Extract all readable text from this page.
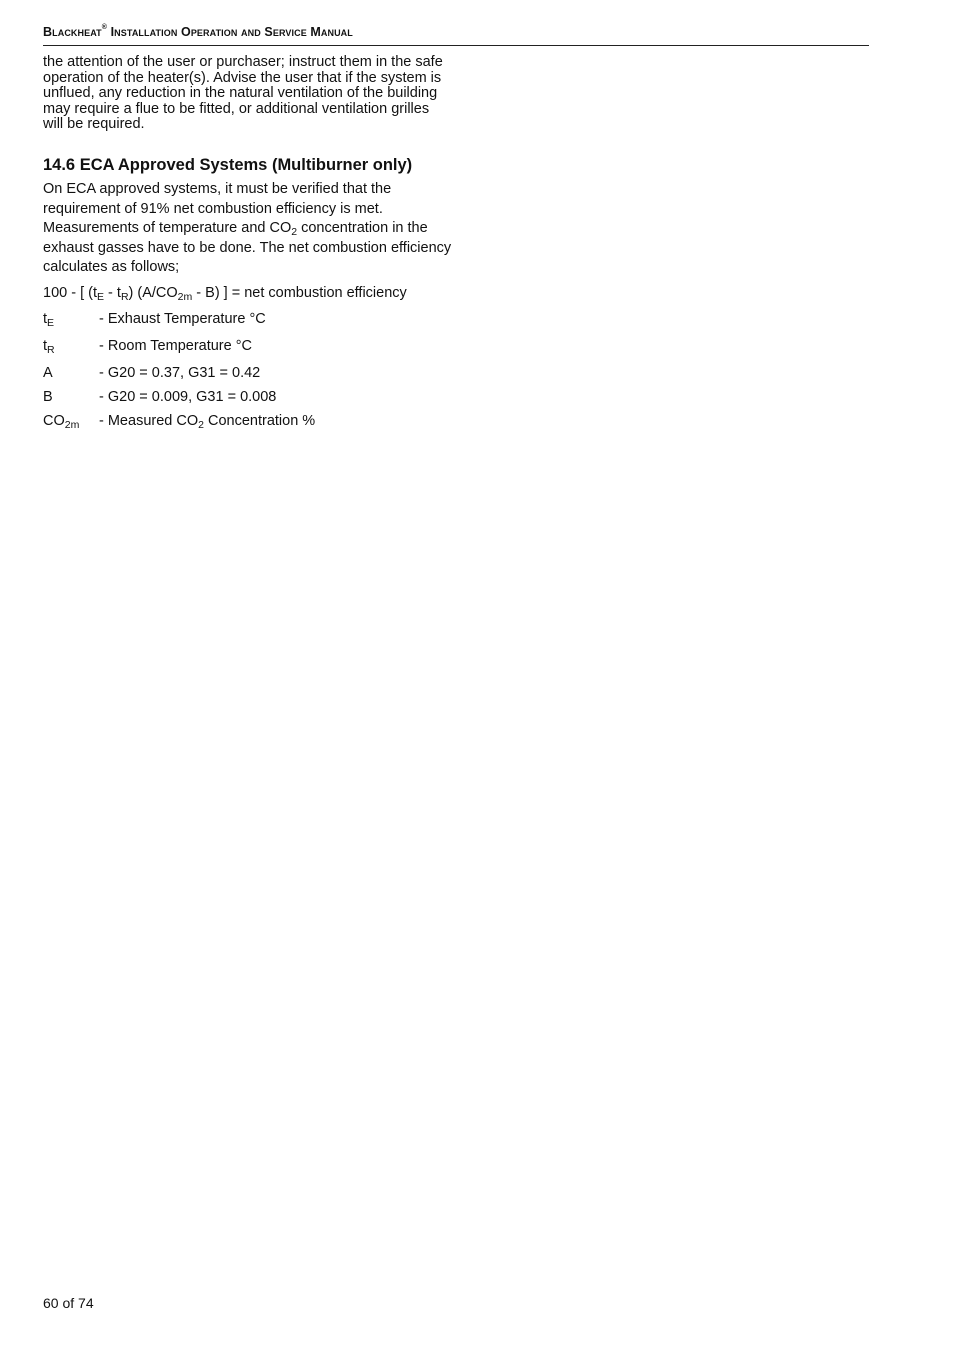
Blackheat® Installation Operation and Service Manual
the attention of the user or purchaser; instruct them in the safe operation of the heater(s). Advise the user that if the system is unflued, any reduction in the natural ventilation of the building may require a flue to be fitted, or additional ventilation grilles will be required.
14.6 ECA Approved Systems (Multiburner only)
On ECA approved systems, it must be verified that the requirement of 91% net combustion efficiency is met. Measurements of temperature and $CO_2$ concentration in the exhaust gasses have to be done. The net combustion efficiency calculates as follows;
100 - [ $(t_E - t_R)$ $(A/CO_{2m} - B)$ ] = net combustion efficiency
$t_E$	- Exhaust Temperature °C
$t_R$	- Room Temperature °C
A	- G20 = 0.37, G31 = 0.42
B	- G20 = 0.009, G31 = 0.008
$CO_{2m}$ - Measured $CO_2$ Concentration %
60 of 74
